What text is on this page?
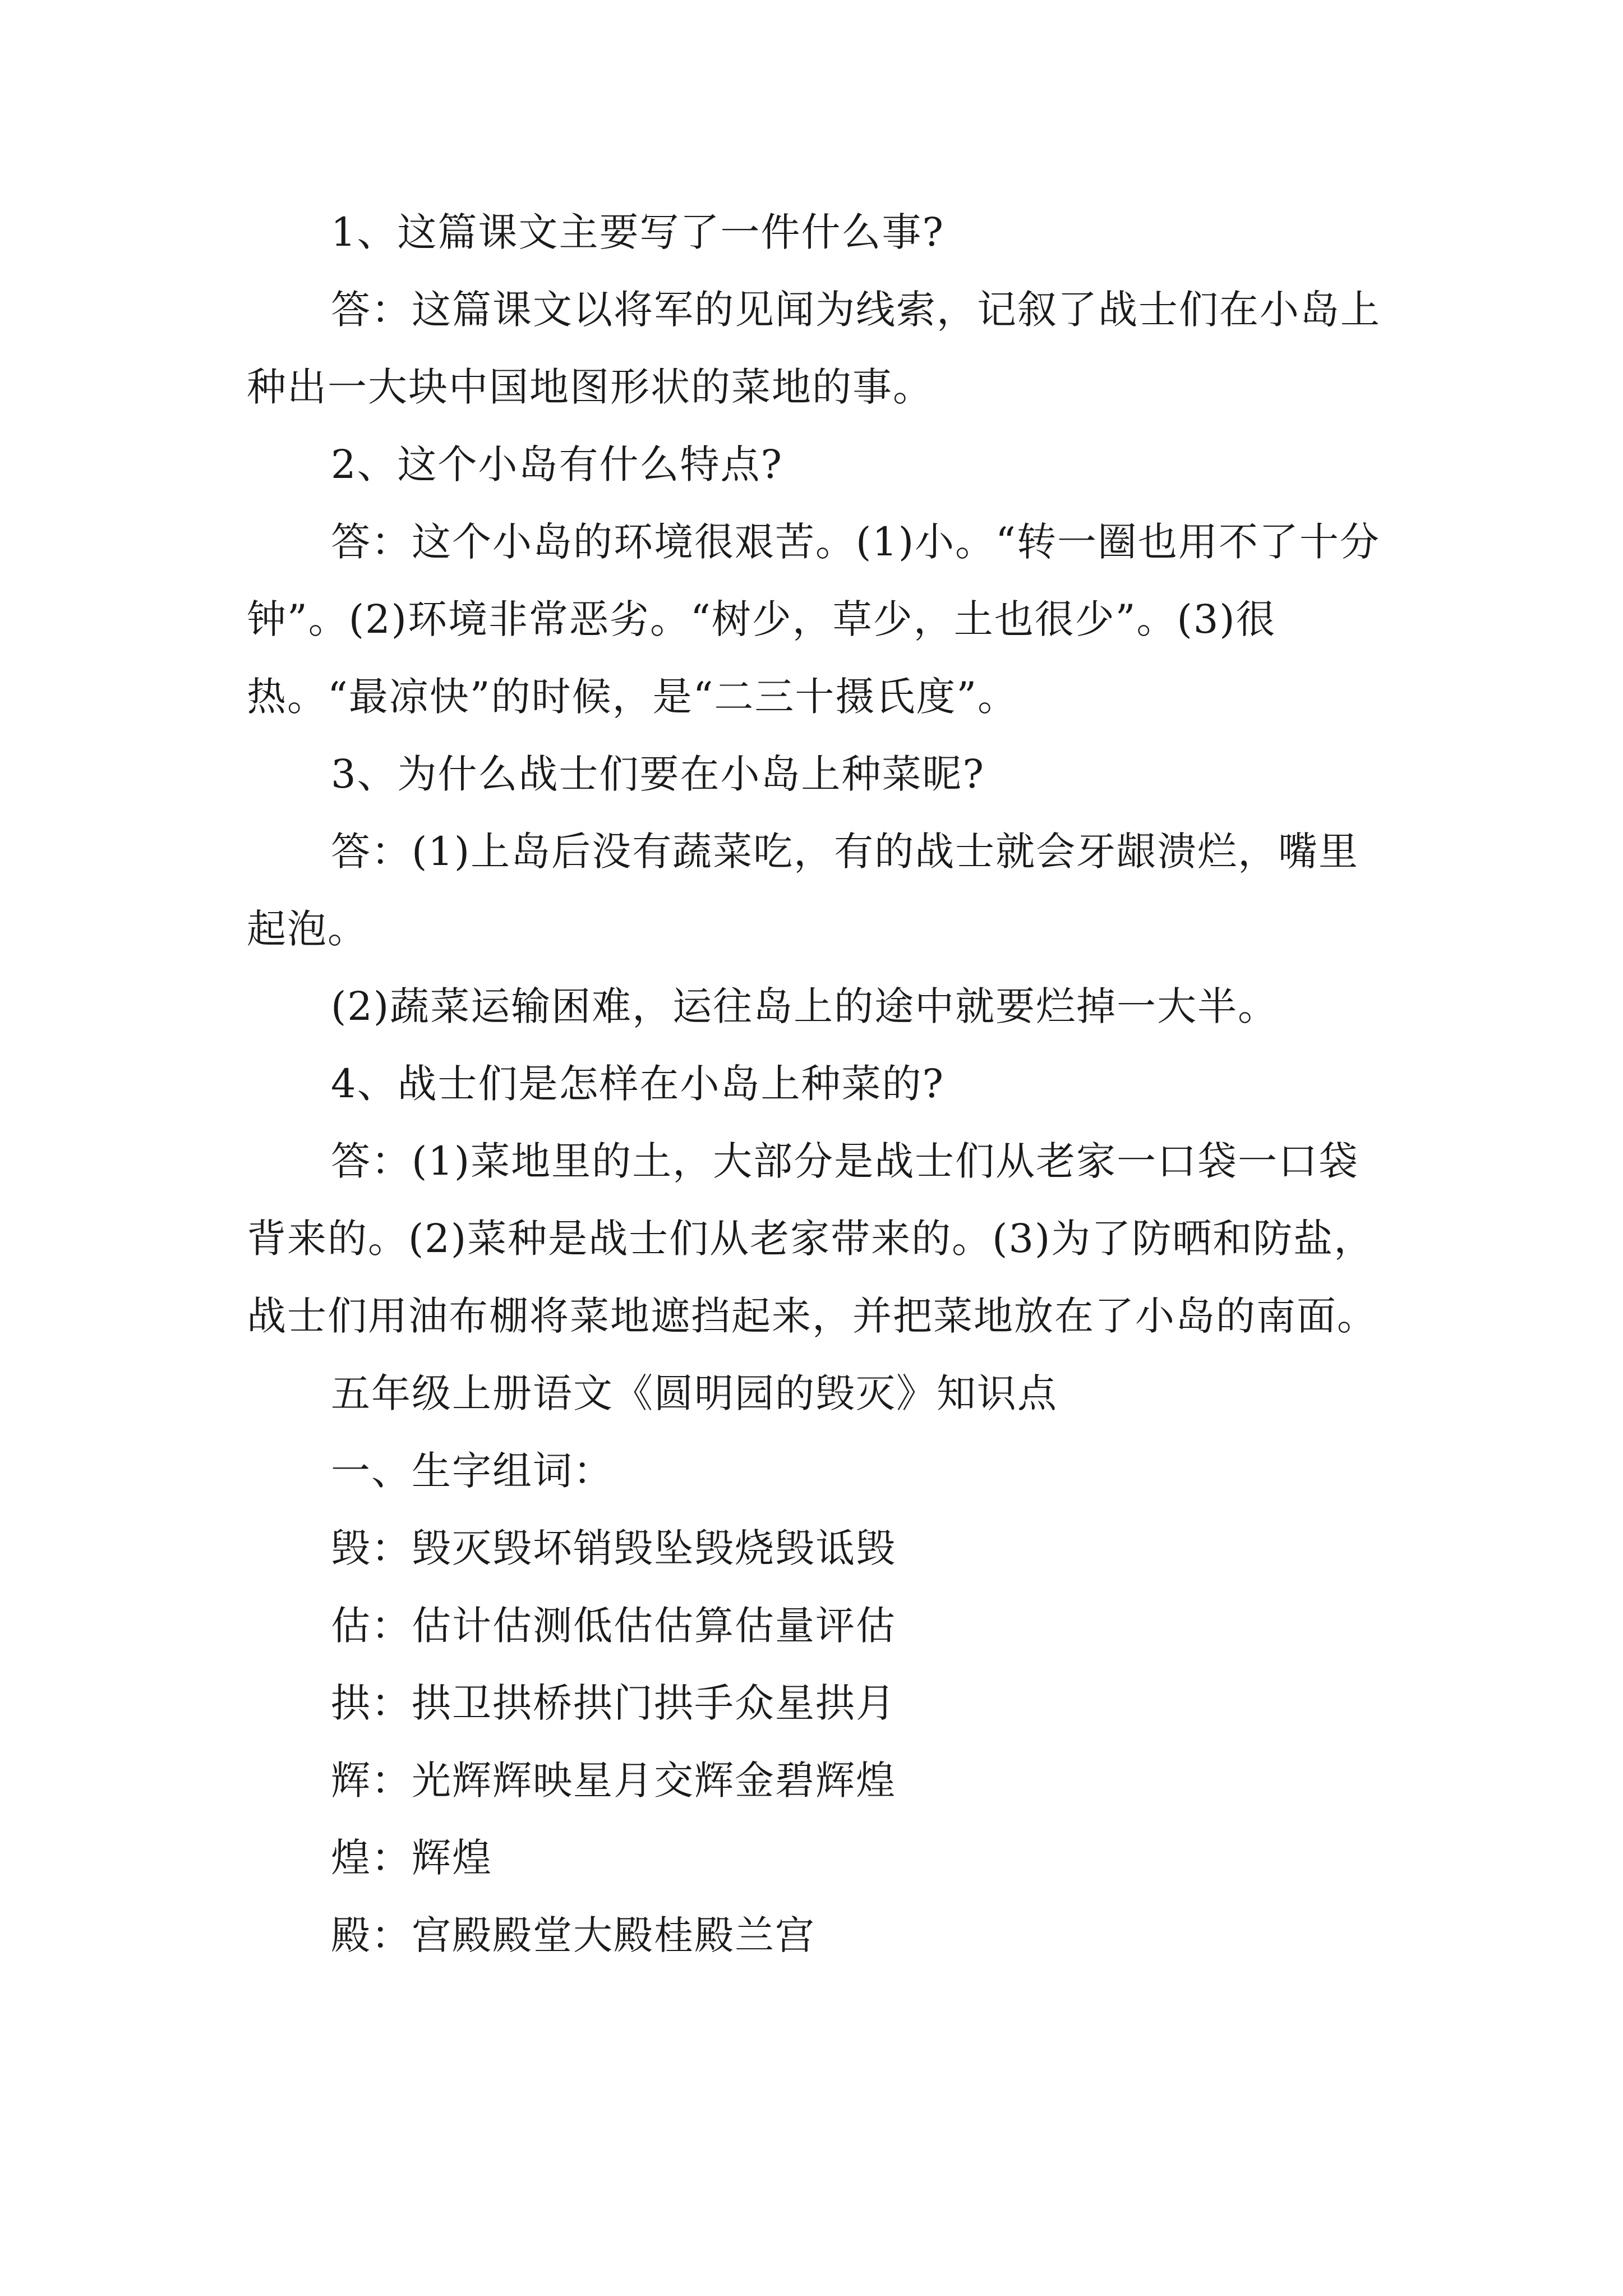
1、这篇课文主要写了一件什么事?

答：这篇课文以将军的见闻为线索，记叙了战士们在小岛上种出一大块中国地图形状的菜地的事。

2、这个小岛有什么特点?

答：这个小岛的环境很艰苦。(1)小。“转一圈也用不了十分钟”。(2)环境非常恶劣。“树少，草少，土也很少”。(3)很热。“最凉快”的时候，是“二三十摄氏度”。

3、为什么战士们要在小岛上种菜昵?

答：(1)上岛后没有蔬菜吃，有的战士就会牙龈溃烂，嘴里起泡。

(2)蔬菜运输困难，运往岛上的途中就要烂掉一大半。

4、战士们是怎样在小岛上种菜的?

答：(1)菜地里的土，大部分是战士们从老家一口袋一口袋背来的。(2)菜种是战士们从老家带来的。(3)为了防晒和防盐，战士们用油布棚将菜地遮挡起来，并把菜地放在了小岛的南面。

五年级上册语文《圆明园的毁灭》知识点

一、生字组词：

毁：毁灭毁坏销毁坠毁烧毁诋毁

估：估计估测低估估算估量评估

拱：拱卫拱桥拱门拱手众星拱月

辉：光辉辉映星月交辉金碧辉煌

煌：辉煌

殿：宫殿殿堂大殿桂殿兰宫
